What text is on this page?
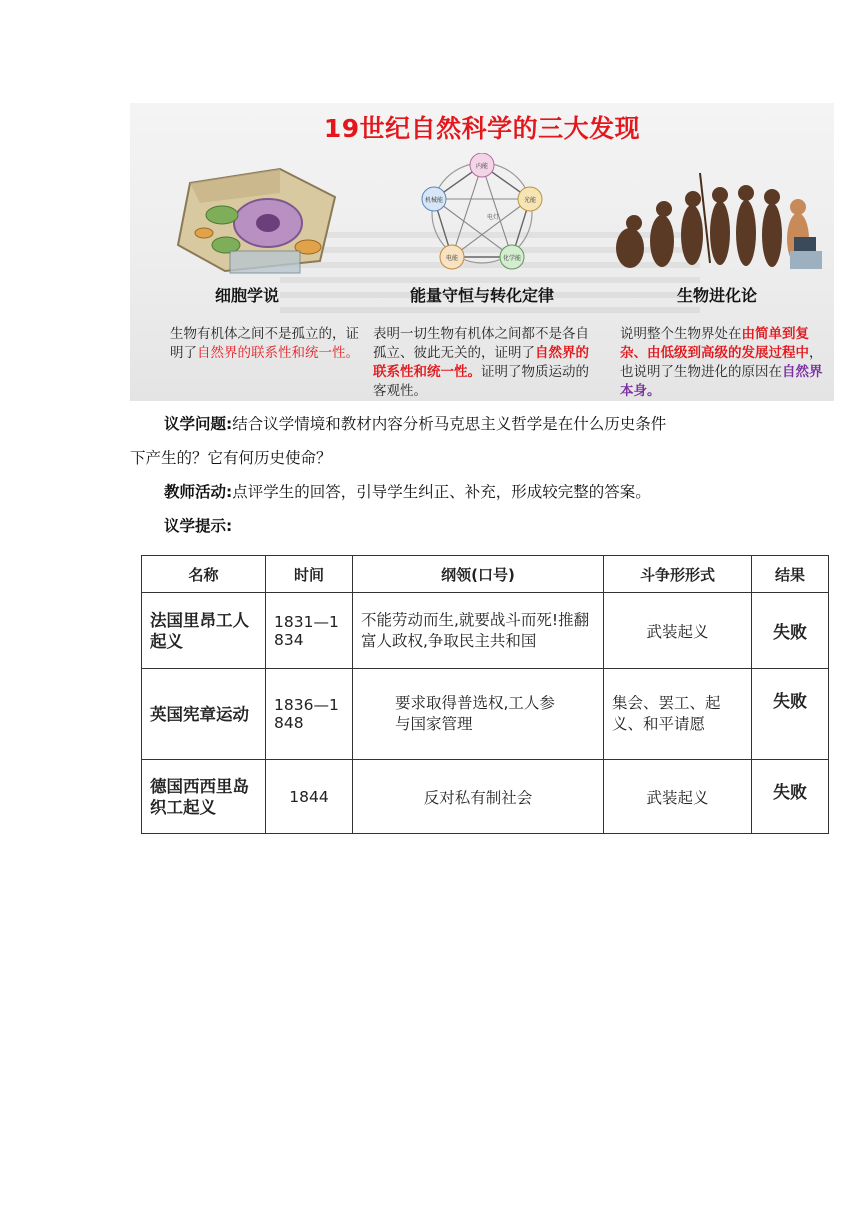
19世纪自然科学的三大发现
细胞学说
生物有机体之间不是孤立的，证明了自然界的联系性和统一性。
内能
机械能	光能
电能	化学能
电灯
能量守恒与转化定律
表明一切生物有机体之间都不是各自孤立、彼此无关的，证明了自然界的联系性和统一性。证明了物质运动的客观性。
生物进化论
说明整个生物界处在由简单到复杂、由低级到高级的发展过程中，也说明了生物进化的原因在自然界本身。
议学问题:结合议学情境和教材内容分析马克思主义哲学是在什么历史条件
下产生的？它有何历史使命？
教师活动:点评学生的回答，引导学生纠正、补充，形成较完整的答案。
议学提示:
名称	时间	纲领(口号)	斗争形形式	结果
法国里昂工人起义	1831—1834	不能劳动而生,就要战斗而死!推翻富人政权,争取民主共和国	武装起义	失败
英国宪章运动	1836—1848	要求取得普选权,工人参与国家管理	集会、罢工、起义、和平请愿	失败
德国西西里岛织工起义	1844	反对私有制社会	武装起义	失败
